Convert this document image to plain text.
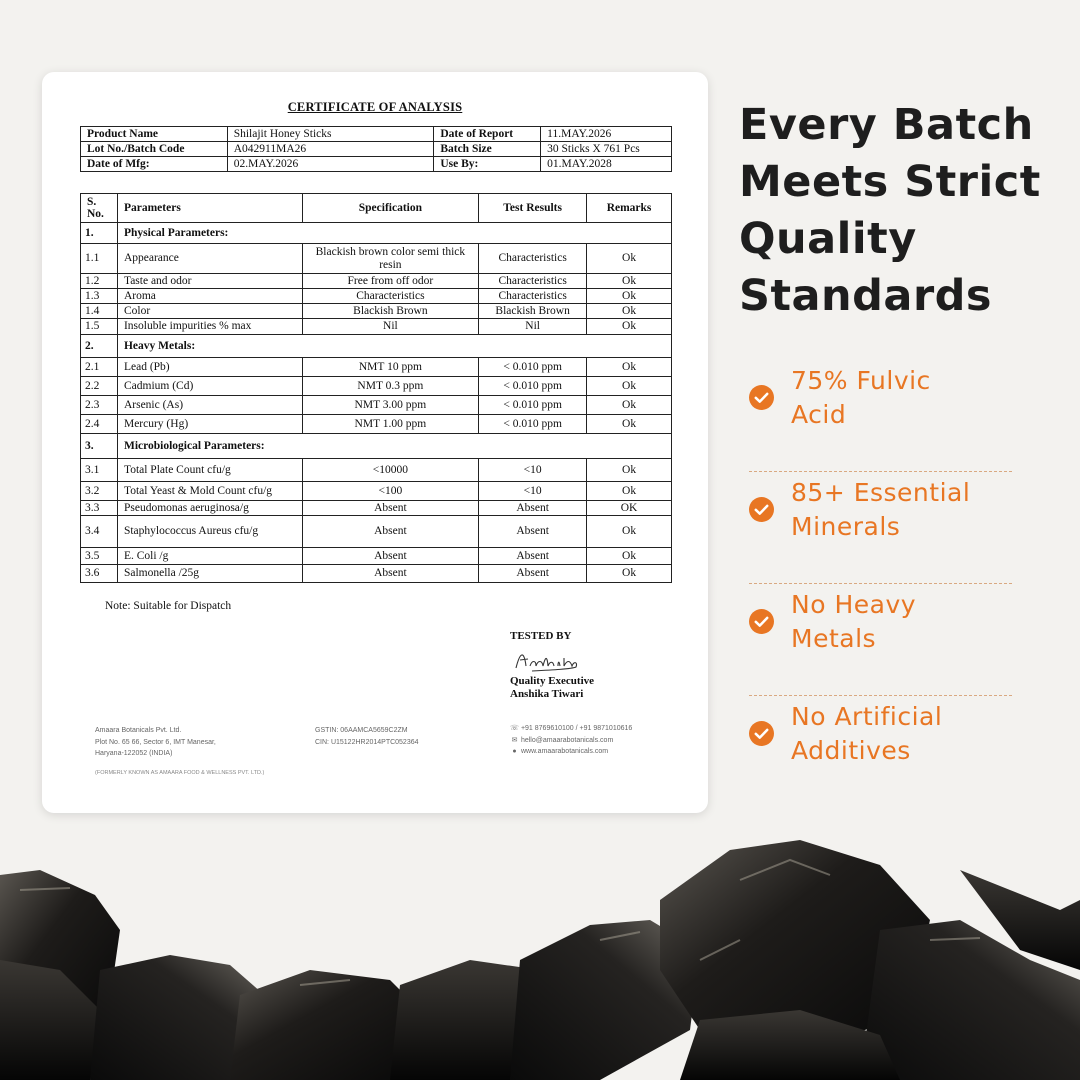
CERTIFICATE OF ANALYSIS
Product Name	Shilajit Honey Sticks	Date of Report	11.MAY.2026
Lot No./Batch Code	A042911MA26	Batch Size	30 Sticks X 761 Pcs
Date of Mfg:	02.MAY.2026	Use By:	01.MAY.2028
S. No.	Parameters	Specification	Test Results	Remarks
1.	Physical Parameters:			
1.1	Appearance	Blackish brown color semi thick resin	Characteristics	Ok
1.2	Taste and odor	Free from off odor	Characteristics	Ok
1.3	Aroma	Characteristics	Characteristics	Ok
1.4	Color	Blackish Brown	Blackish Brown	Ok
1.5	Insoluble impurities % max	Nil	Nil	Ok
2.	Heavy Metals:			
2.1	Lead (Pb)	NMT 10 ppm	< 0.010 ppm	Ok
2.2	Cadmium (Cd)	NMT 0.3 ppm	< 0.010 ppm	Ok
2.3	Arsenic (As)	NMT 3.00 ppm	< 0.010 ppm	Ok
2.4	Mercury (Hg)	NMT 1.00 ppm	< 0.010 ppm	Ok
3.	Microbiological Parameters:			
3.1	Total Plate Count cfu/g	<10000	<10	Ok
3.2	Total Yeast & Mold Count cfu/g	<100	<10	Ok
3.3	Pseudomonas aeruginosa/g	Absent	Absent	OK
3.4	Staphylococcus Aureus cfu/g	Absent	Absent	Ok
3.5	E. Coli /g	Absent	Absent	Ok
3.6	Salmonella /25g	Absent	Absent	Ok
Note: Suitable for Dispatch
TESTED BY
Quality Executive
Anshika Tiwari
Amaara Botanicals Pvt. Ltd.
Plot No. 65 66, Sector 6, IMT Manesar,
Haryana-122052 (INDIA)
GSTIN: 06AAMCA5659C2ZM
CIN: U15122HR2014PTC052364
☏ +91 8769610100 / +91 9871010616
✉ hello@amaarabotanicals.com
● www.amaarabotanicals.com
(FORMERLY KNOWN AS AMAARA FOOD & WELLNESS PVT. LTD.)
Every Batch
Meets Strict
Quality
Standards
75% Fulvic
Acid
85+ Essential
Minerals
No Heavy
Metals
No Artificial
Additives
